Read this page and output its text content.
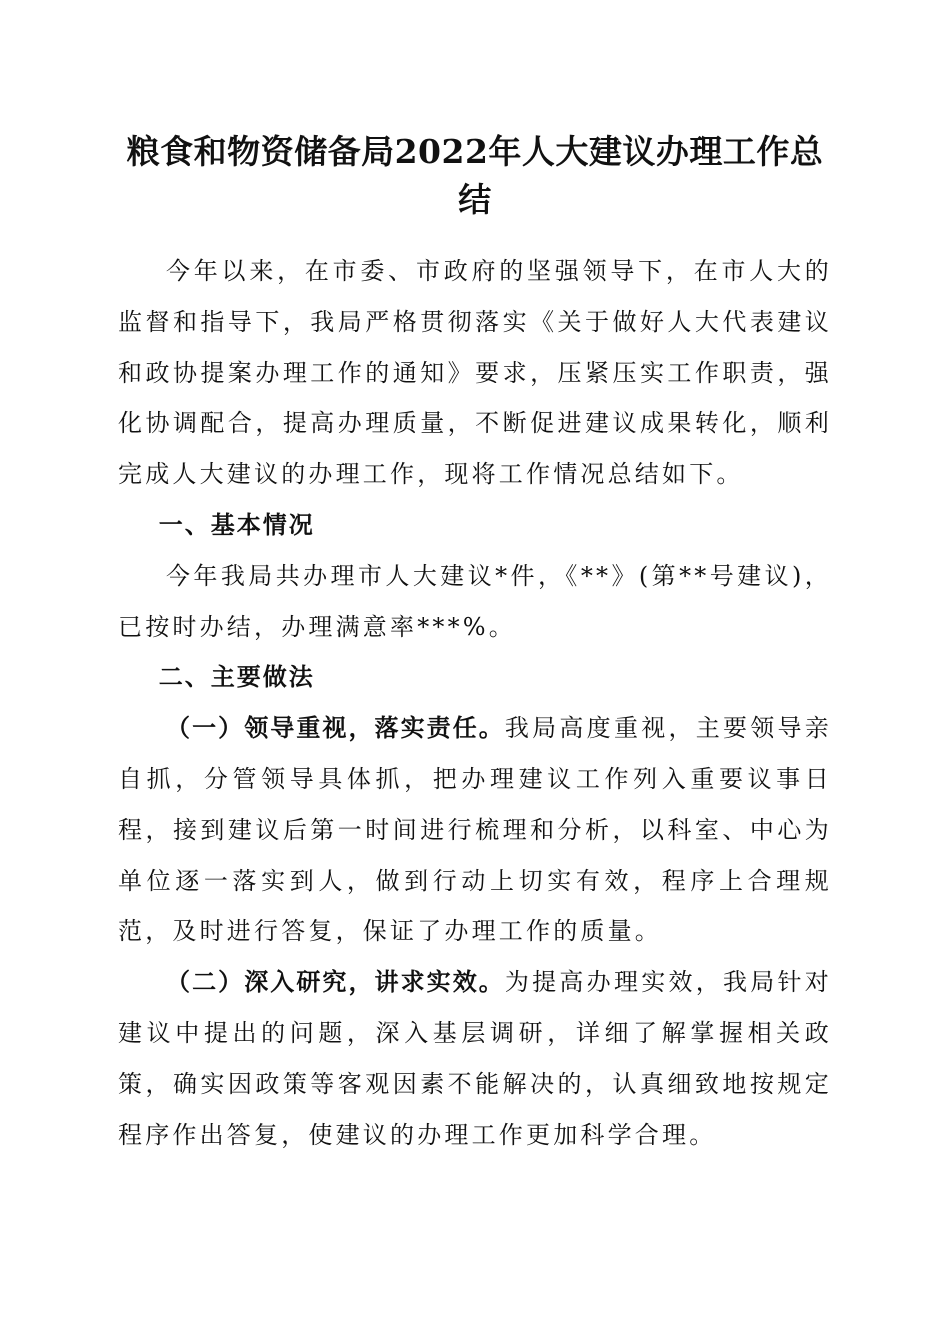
粮食和物资储备局2022年人大建议办理工作总结

今年以来，在市委、市政府的坚强领导下，在市人大的监督和指导下，我局严格贯彻落实《关于做好人大代表建议和政协提案办理工作的通知》要求，压紧压实工作职责，强化协调配合，提高办理质量，不断促进建议成果转化，顺利完成人大建议的办理工作，现将工作情况总结如下。

一、基本情况

今年我局共办理市人大建议*件，《**》(第**号建议)，已按时办结，办理满意率***%。

二、主要做法

（一）领导重视，落实责任。我局高度重视，主要领导亲自抓，分管领导具体抓，把办理建议工作列入重要议事日程，接到建议后第一时间进行梳理和分析，以科室、中心为单位逐一落实到人，做到行动上切实有效，程序上合理规范，及时进行答复，保证了办理工作的质量。

（二）深入研究，讲求实效。为提高办理实效，我局针对建议中提出的问题，深入基层调研，详细了解掌握相关政策，确实因政策等客观因素不能解决的，认真细致地按规定程序作出答复，使建议的办理工作更加科学合理。
